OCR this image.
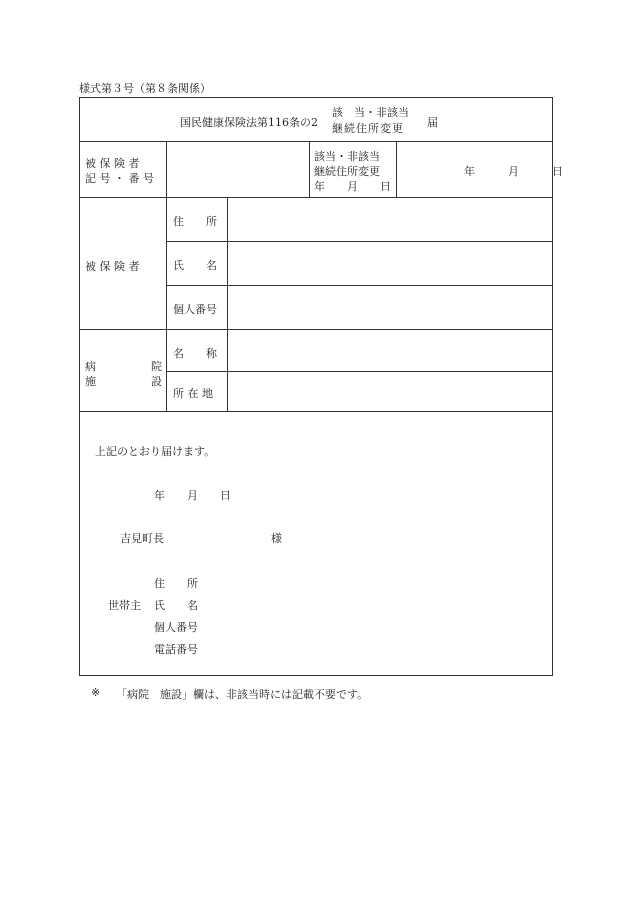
様式第３号（第８条関係）
国民健康保険法第116条の2
該　当・非該当
継続住所変更 届
被 保 険 者
記 号 ・ 番 号
該当・非該当
継続住所変更
年　　月　　日
年　　　月　　　日
被 保 険 者
住　　所
氏　　名
個人番号
病　　　　　院
施　　　　　設
名　　称
所 在 地
上記のとおり届けます。
年　　月　　日
吉見町長	様
住　　所
世帯主 氏　　名
個人番号
電話番号
※ 「病院　施設」欄は、非該当時には記載不要です。
